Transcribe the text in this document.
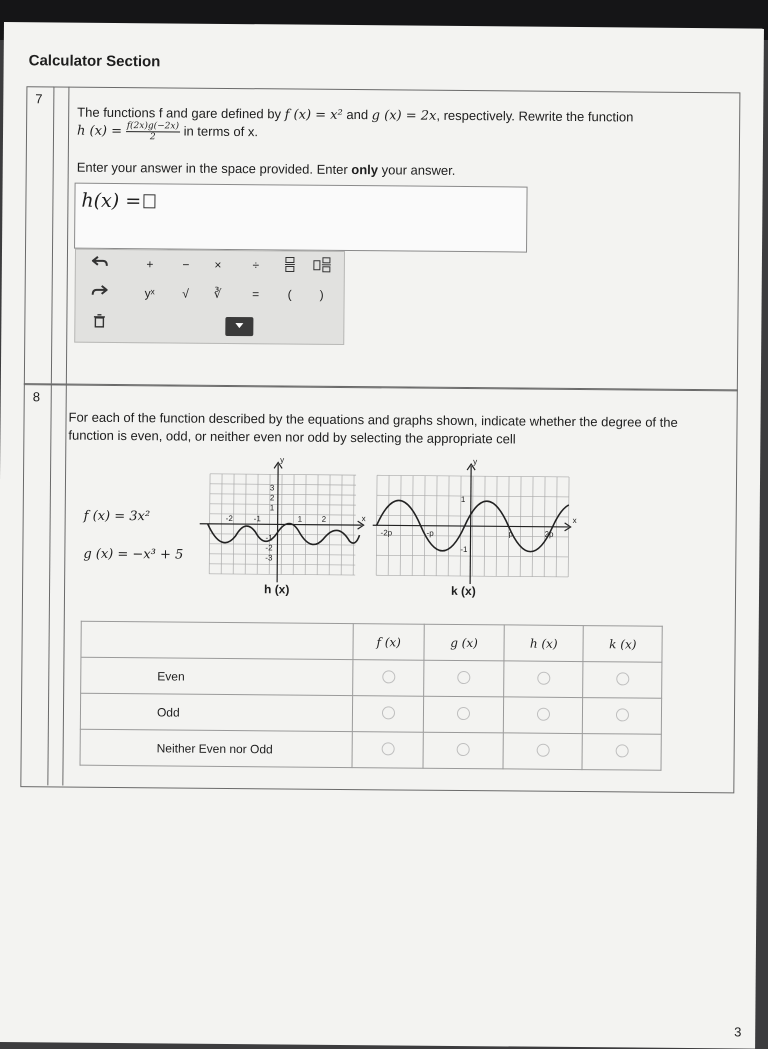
Calculator Section
7
The functions f and gare defined by f (x) = x² and g (x) = 2x, respectively. Rewrite the function
h $(x) = \frac{f(2x)g(-2x)}{2}$ in terms of x.
Enter your answer in the space provided. Enter only your answer.
h(x) =
+	−	×	÷
yˣ	√	∛	=	(	)
8
For each of the function described by the equations and graphs shown, indicate whether the degree of the function is even, odd, or neither even nor odd by selecting the appropriate cell
f (x) = 3x²
g (x) = −x³ + 5
y
x
-2	-1	1 2
3
2
1
-1
-2
-3
h (x)
y
x
-2p	-p	p	2p
1
-1
k (x)
	f (x)	g (x)	h (x)	k (x)
Even				
Odd				
Neither Even nor Odd				
3
